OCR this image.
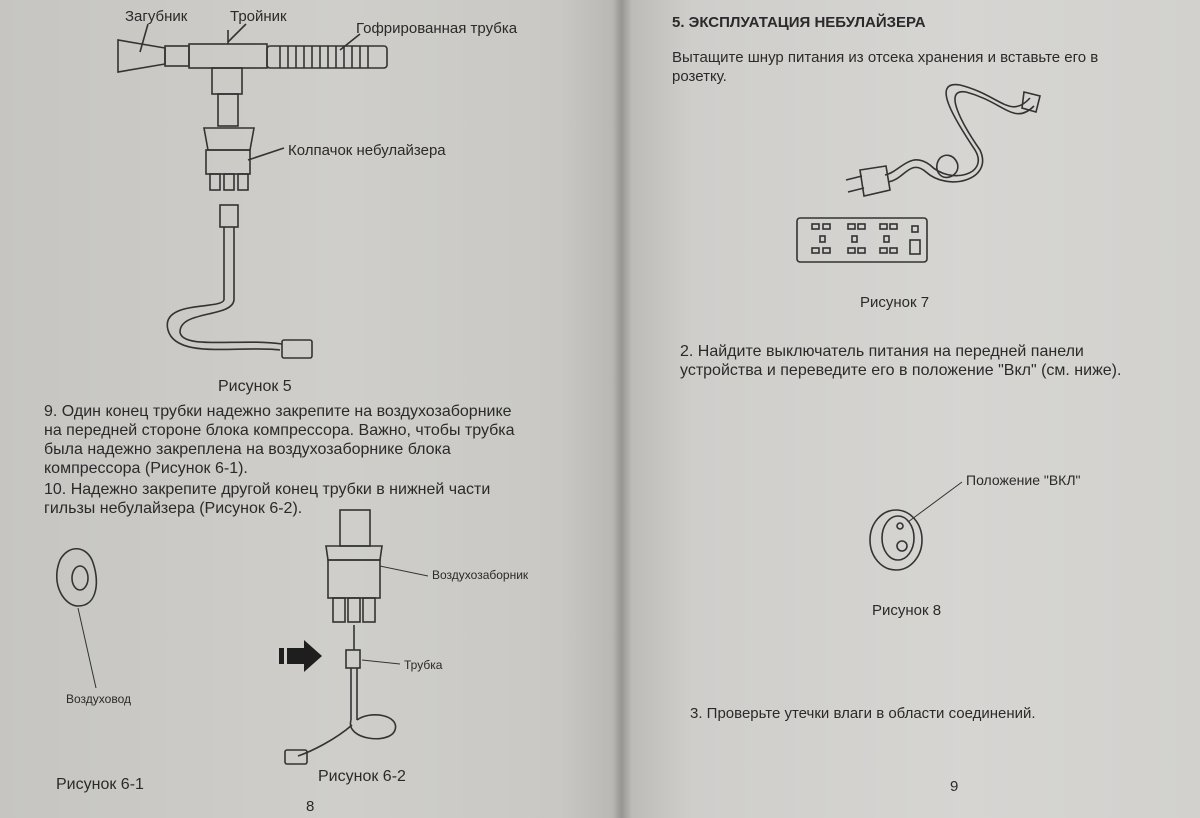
Загубник	Тройник
Гофрированная трубка
Колпачок небулайзера
Рисунок 5
9. Один конец трубки надежно закрепите на воздухозаборнике
на передней стороне блока компрессора. Важно, чтобы трубка
была надежно закреплена на воздухозаборнике блока
компрессора (Рисунок 6-1).
10. Надежно закрепите другой конец трубки в нижней части
гильзы небулайзера (Рисунок 6-2).
Воздухозаборник
Трубка
Воздуховод
Рисунок 6-1	Рисунок 6-2
8
5. ЭКСПЛУАТАЦИЯ НЕБУЛАЙЗЕРА
Вытащите шнур питания из отсека хранения и вставьте его в
розетку.
Рисунок 7
2. Найдите выключатель питания на передней панели
устройства и переведите его в положение "Вкл" (см. ниже).
Положение "ВКЛ"
Рисунок 8
3. Проверьте утечки влаги в области соединений.
9
